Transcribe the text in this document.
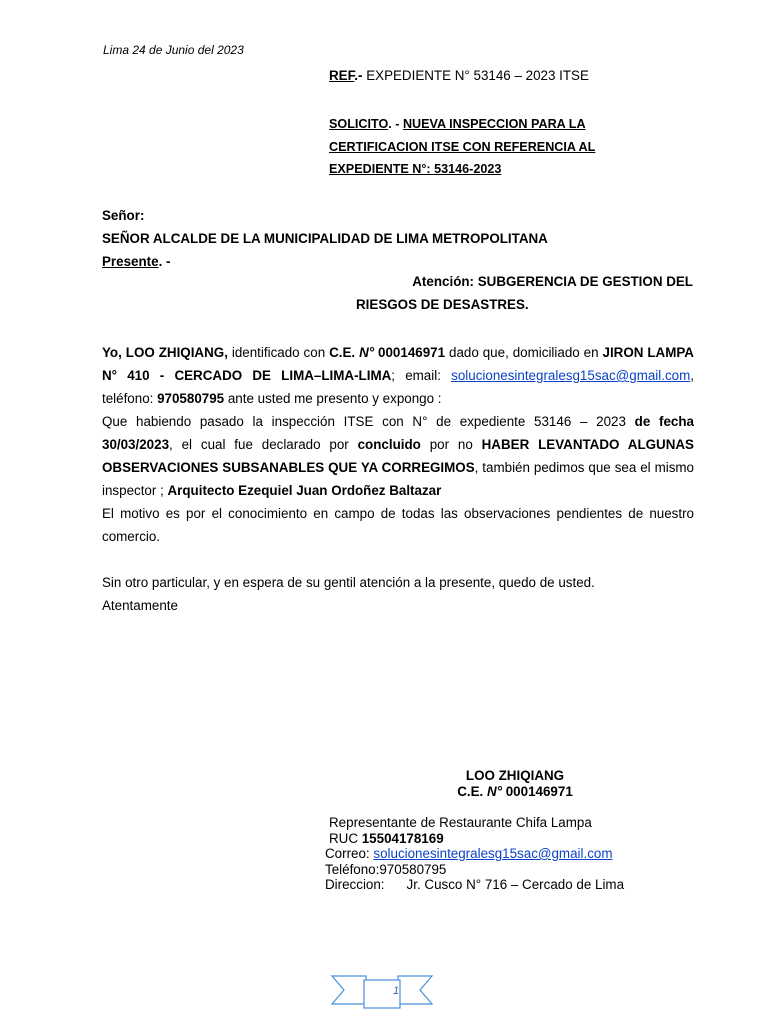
Lima 24 de Junio del 2023
REF.- EXPEDIENTE N° 53146 – 2023 ITSE
SOLICITO. - NUEVA INSPECCION PARA LA
CERTIFICACION ITSE CON REFERENCIA AL
EXPEDIENTE N°: 53146-2023
Señor:
SEÑOR ALCALDE DE LA MUNICIPALIDAD DE LIMA METROPOLITANA
Presente. -
Atención: SUBGERENCIA DE GESTION DEL
RIESGOS DE DESASTRES.
Yo, LOO ZHIQIANG, identificado con C.E. N° 000146971 dado que, domiciliado en JIRON LAMPA N° 410 - CERCADO DE LIMA–LIMA-LIMA; email: solucionesintegralesg15sac@gmail.com, teléfono: 970580795 ante usted me presento y expongo :
Que habiendo pasado la inspección ITSE con N° de expediente 53146 – 2023 de fecha 30/03/2023, el cual fue declarado por concluido por no HABER LEVANTADO ALGUNAS OBSERVACIONES SUBSANABLES QUE YA CORREGIMOS, también pedimos que sea el mismo inspector ; Arquitecto Ezequiel Juan Ordoñez Baltazar
El motivo es por el conocimiento en campo de todas las observaciones pendientes de nuestro comercio.
Sin otro particular, y en espera de su gentil atención a la presente, quedo de usted.
Atentamente
LOO ZHIQIANG
C.E. N° 000146971
Representante de Restaurante Chifa Lampa
RUC 15504178169
Correo: solucionesintegralesg15sac@gmail.com
Teléfono:970580795
Direccion: Jr. Cusco N° 716 – Cercado de Lima
1
